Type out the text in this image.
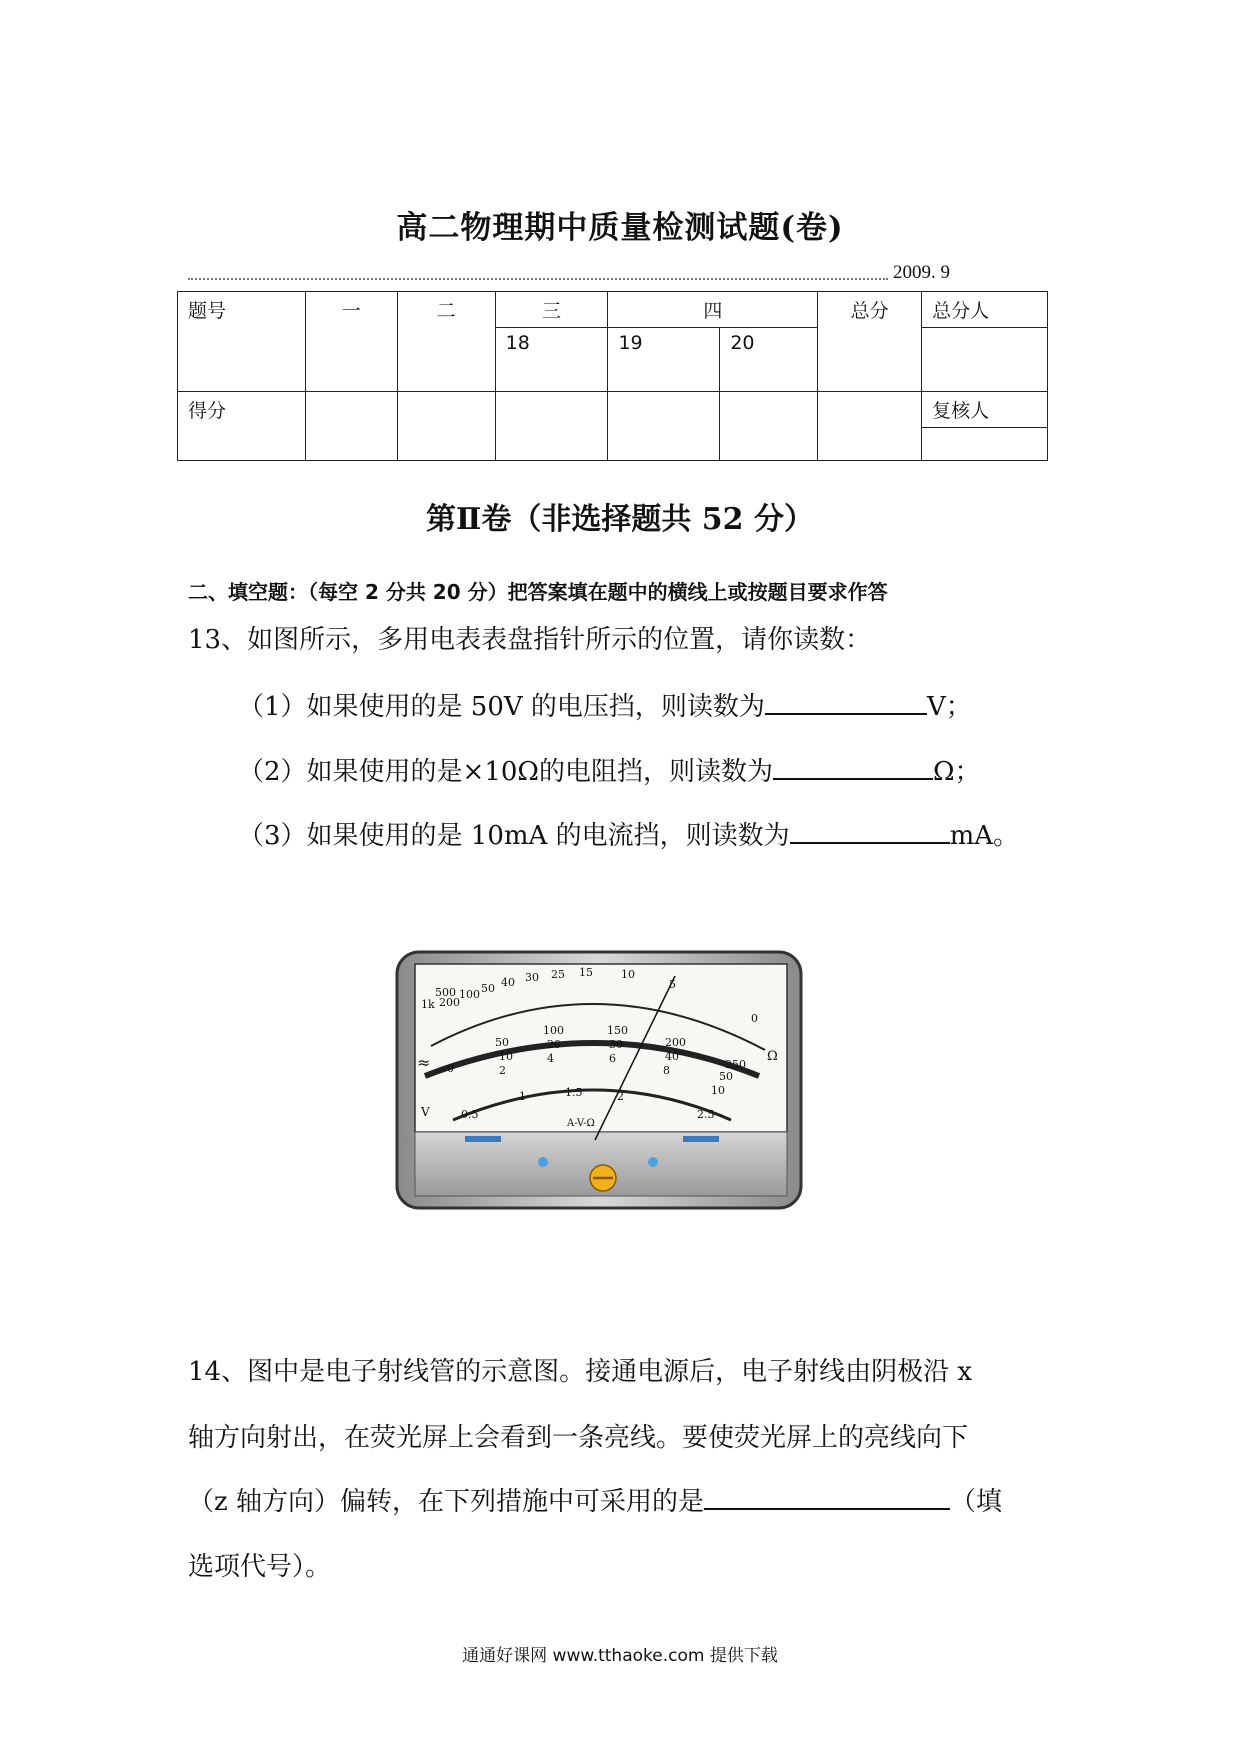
高二物理期中质量检测试题(卷)
2009. 9
题号	一	二	三	四		总分	总分人
			18	19	20		
得分							复核人

第Ⅱ卷（非选择题共 52 分）
二、填空题：（每空 2 分共 20 分）把答案填在题中的横线上或按题目要求作答
13、如图所示，多用电表表盘指针所示的位置，请你读数：
（1）如果使用的是 50V 的电压挡，则读数为	V；
（2）如果使用的是×10Ω的电阻挡，则读数为	Ω；
（3）如果使用的是 10mA 的电流挡，则读数为	mA。
1k
500
200
100 50 40 30 25 15	10
5
0
50
100	150
200
250
10
20	30
40
50
0	2
4	6
8
10
0.5
1	1.5	2
2.5
Ω
≈
V
A-V-Ω
14、图中是电子射线管的示意图。接通电源后，电子射线由阴极沿 x
轴方向射出，在荧光屏上会看到一条亮线。要使荧光屏上的亮线向下
（z 轴方向）偏转，在下列措施中可采用的是	（填
选项代号）。
通通好课网 www.tthaoke.com 提供下载
